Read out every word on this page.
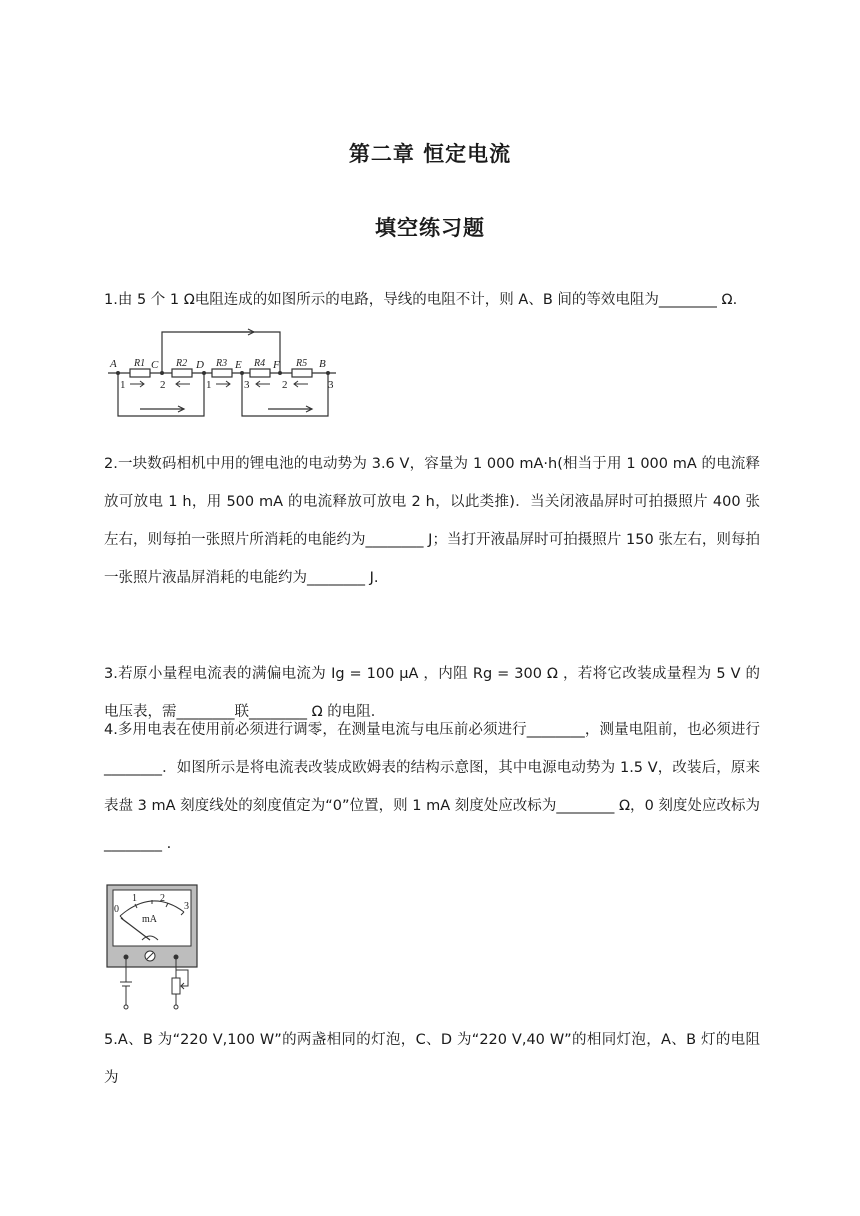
第二章 恒定电流
填空练习题
1.由 5 个 1 Ω电阻连成的如图所示的电路，导线的电阻不计，则 A、B 间的等效电阻为________ Ω.
A	C	D	E	F	B
R1	R2	R3	R4	R5
1	2	1	3	2	3
2.一块数码相机中用的锂电池的电动势为 3.6 V，容量为 1 000 mA·h(相当于用 1 000 mA 的电流释放可放电 1 h，用 500 mA 的电流释放可放电 2 h，以此类推)．当关闭液晶屏时可拍摄照片 400 张左右，则每拍一张照片所消耗的电能约为________ J；当打开液晶屏时可拍摄照片 150 张左右，则每拍一张照片液晶屏消耗的电能约为________ J.
3.若原小量程电流表的满偏电流为 Ig = 100 μA ，内阻 Rg = 300 Ω ，若将它改装成量程为 5 V 的电压表，需________联________ Ω 的电阻．
4.多用电表在使用前必须进行调零，在测量电流与电压前必须进行________，测量电阻前，也必须进行________．如图所示是将电流表改装成欧姆表的结构示意图，其中电源电动势为 1.5 V，改装后，原来表盘 3 mA 刻度线处的刻度值定为“0”位置，则 1 mA 刻度处应改标为________ Ω，0 刻度处应改标为________ .
0
1 2
3
mA
5.A、B 为“220 V,100 W”的两盏相同的灯泡，C、D 为“220 V,40 W”的相同灯泡，A、B 灯的电阻为
